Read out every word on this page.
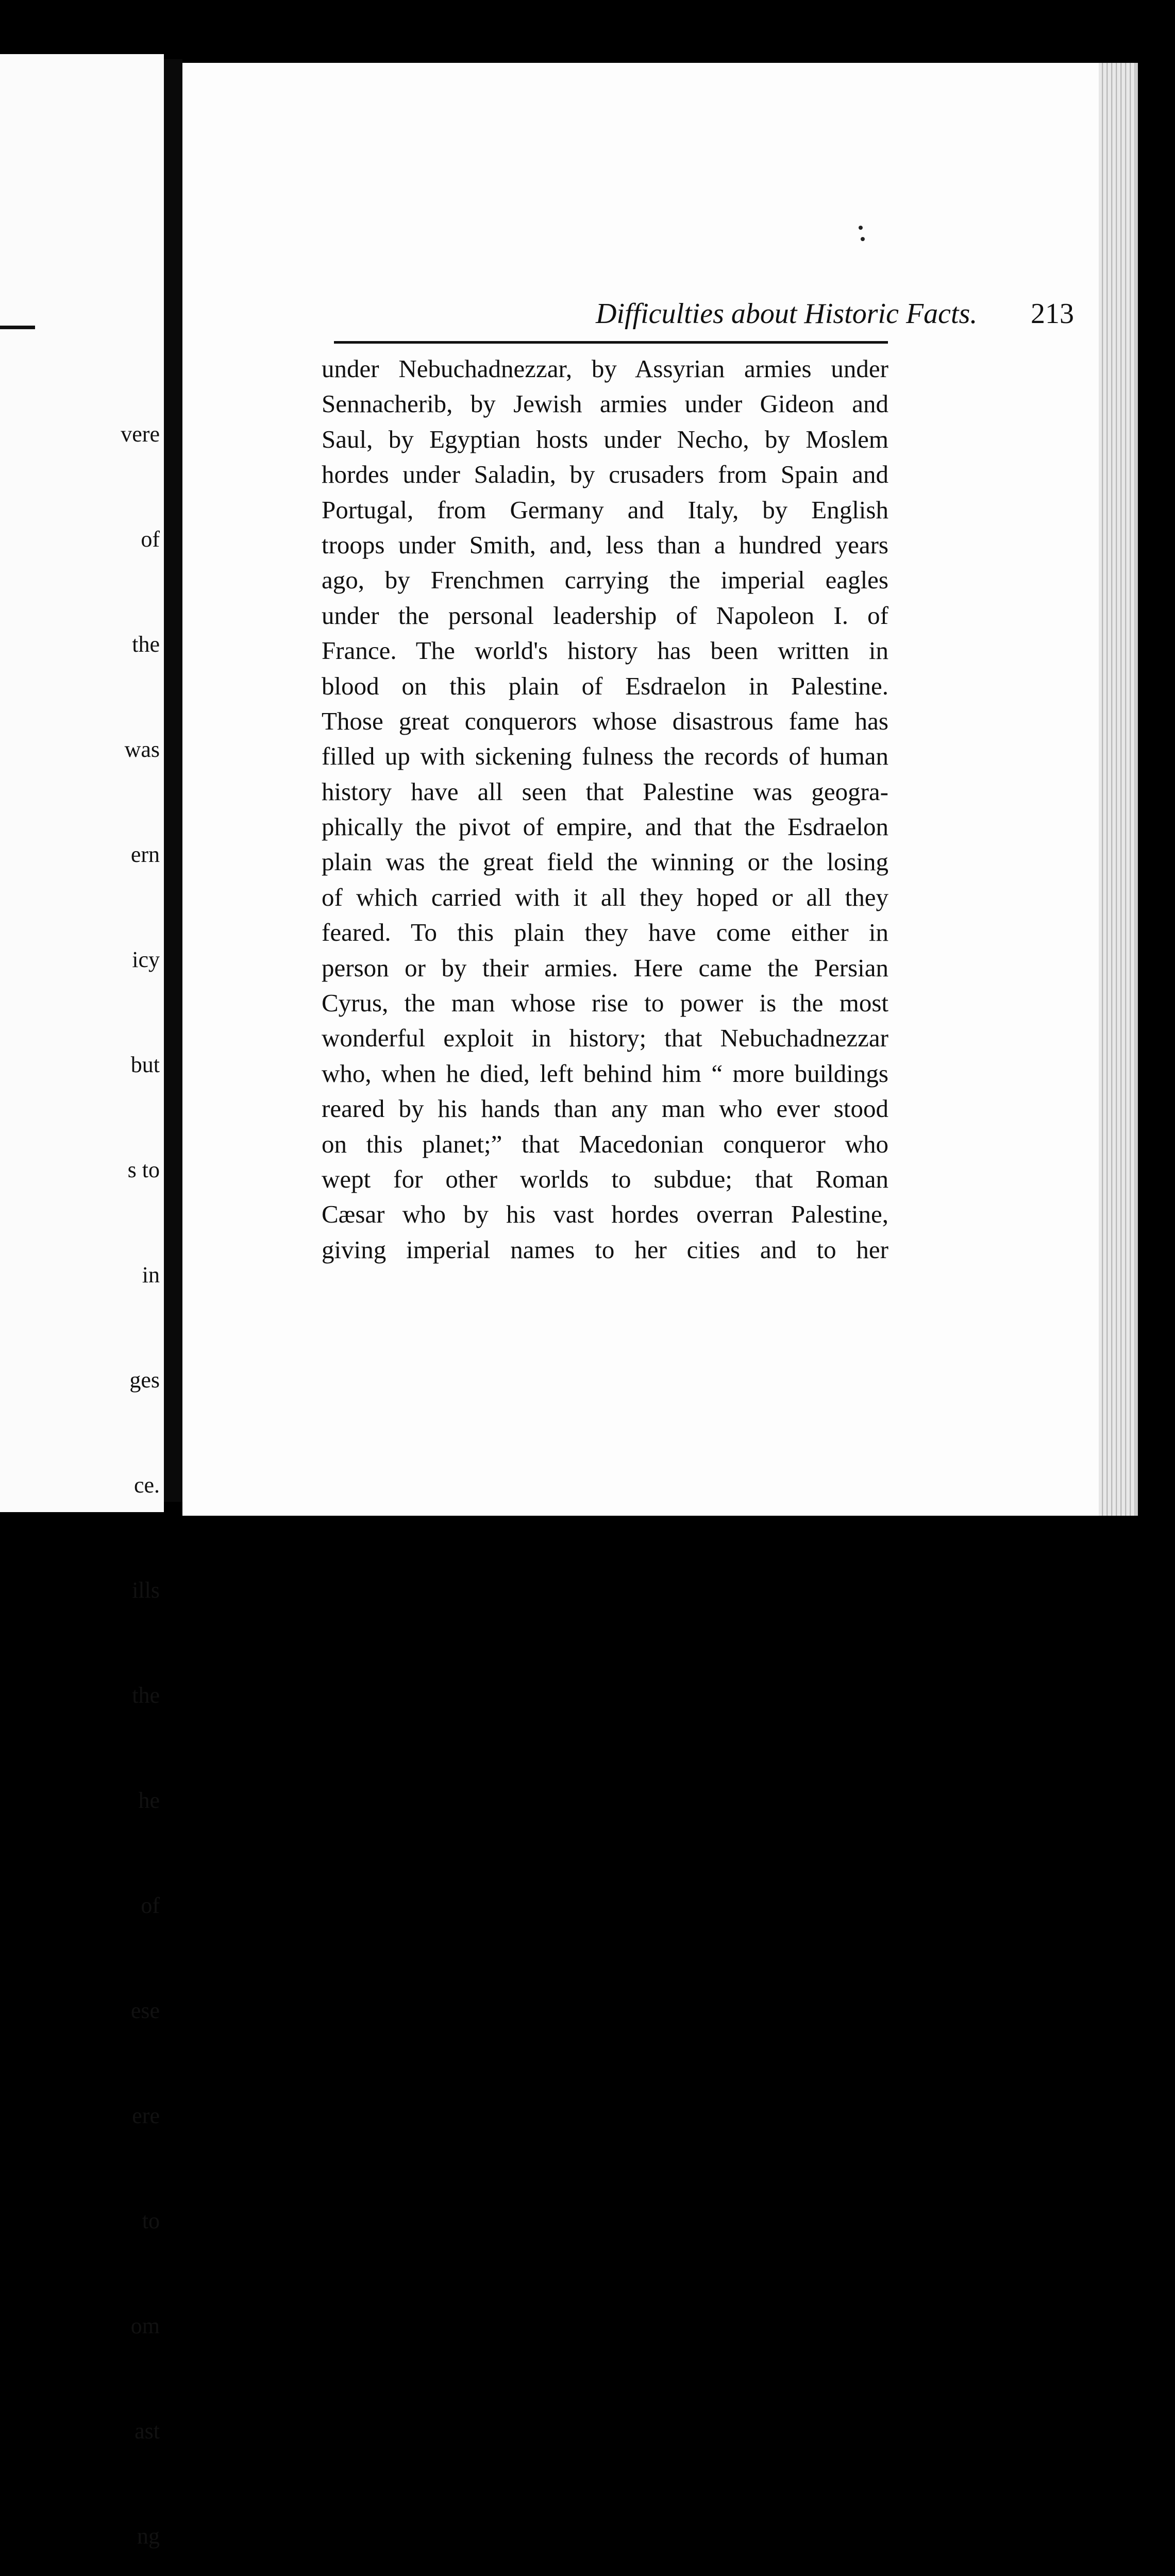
vere

of

the

was

ern

icy

but

s to

in

ges

ce.

ills

the

he

of

ese

ere

to

om

ast

ng

Difficulties about Historic Facts. 213
under Nebuchadnezzar, by Assyrian armies under
Sennacherib, by Jewish armies under Gideon and
Saul, by Egyptian hosts under Necho, by Moslem
hordes under Saladin, by crusaders from Spain and
Portugal, from Germany and Italy, by English
troops under Smith, and, less than a hundred years
ago, by Frenchmen carrying the imperial eagles
under the personal leadership of Napoleon I. of
France. The world's history has been written in
blood on this plain of Esdraelon in Palestine.
Those great conquerors whose disastrous fame has
filled up with sickening fulness the records of human
history have all seen that Palestine was geogra-
phically the pivot of empire, and that the Esdraelon
plain was the great field the winning or the losing
of which carried with it all they hoped or all they
feared. To this plain they have come either in
person or by their armies. Here came the Persian
Cyrus, the man whose rise to power is the most
wonderful exploit in history; that Nebuchadnezzar
who, when he died, left behind him “ more buildings
reared by his hands than any man who ever stood
on this planet;” that Macedonian conqueror who
wept for other worlds to subdue; that Roman
Cæsar who by his vast hordes overran Palestine,
giving imperial names to her cities and to her
